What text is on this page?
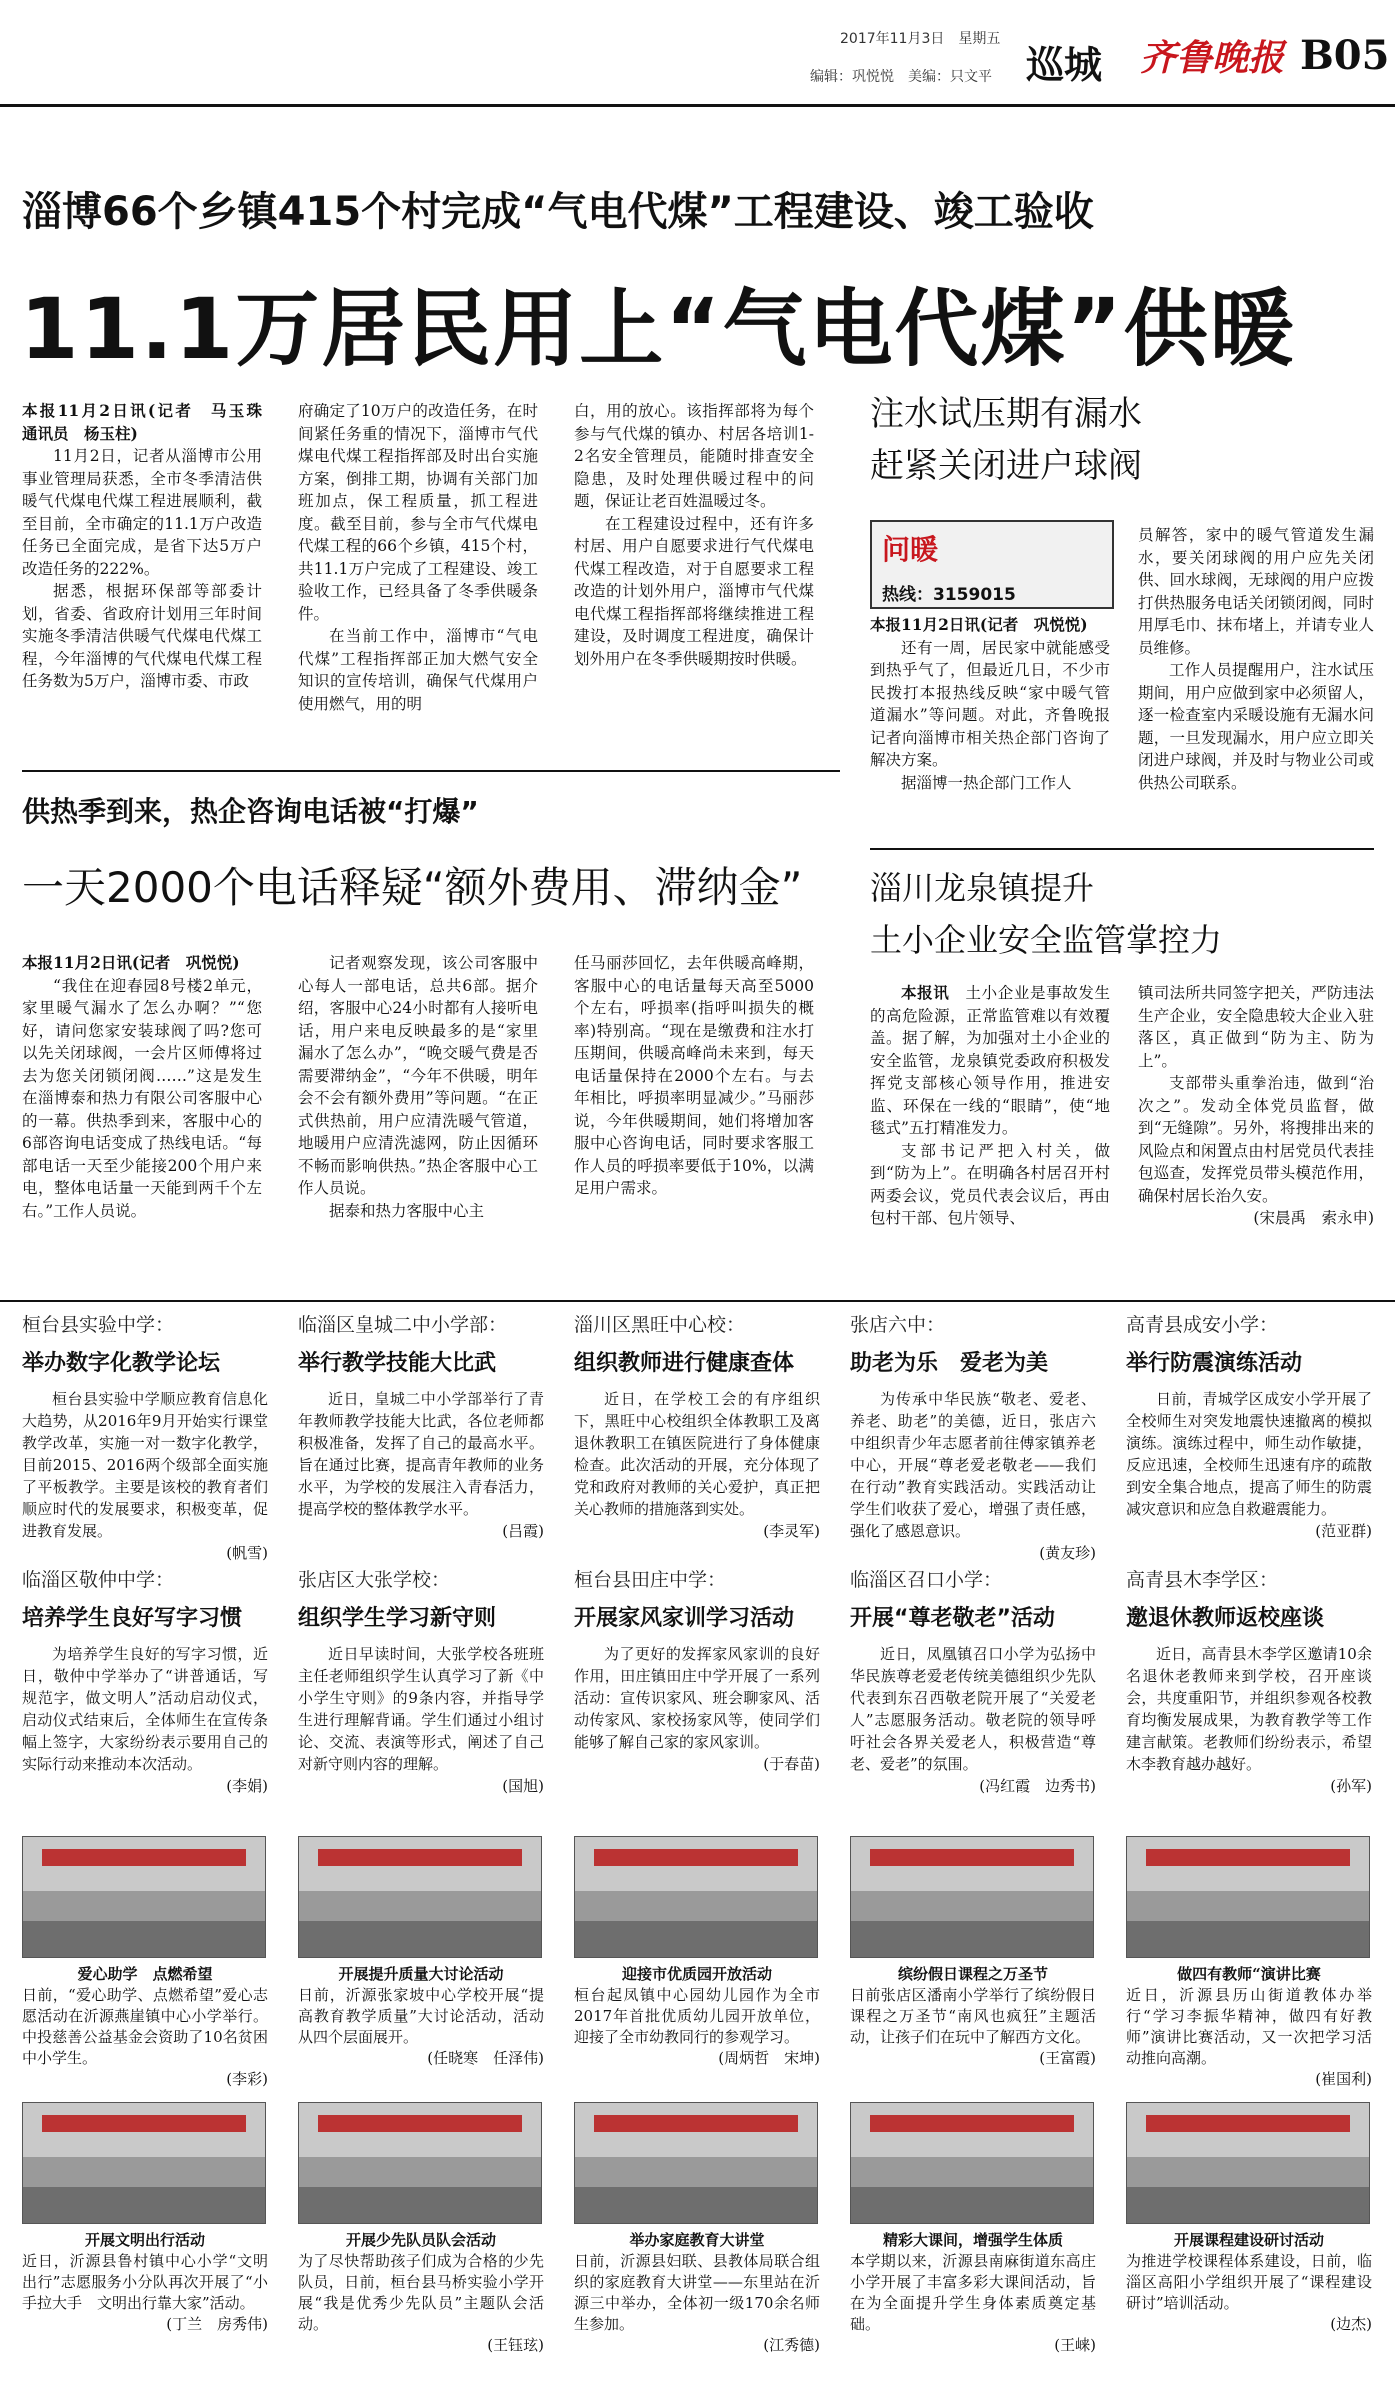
2017年11月3日　星期五
编辑：巩悦悦　美编：只文平 巡城 齐鲁晚报 B05
淄博66个乡镇415个村完成“气电代煤”工程建设、竣工验收
11.1万居民用上“气电代煤”供暖

本报11月2日讯(记者　马玉珠　通讯员　杨玉柱)

11月2日，记者从淄博市公用事业管理局获悉，全市冬季清洁供暖气代煤电代煤工程进展顺利，截至目前，全市确定的11.1万户改造任务已全面完成，是省下达5万户改造任务的222%。

据悉，根据环保部等部委计划，省委、省政府计划用三年时间实施冬季清洁供暖气代煤电代煤工程，今年淄博的气代煤电代煤工程任务数为5万户，淄博市委、市政

府确定了10万户的改造任务，在时间紧任务重的情况下，淄博市气代煤电代煤工程指挥部及时出台实施方案，倒排工期，协调有关部门加班加点，保工程质量，抓工程进度。截至目前，参与全市气代煤电代煤工程的66个乡镇，415个村，共11.1万户完成了工程建设、竣工验收工作，已经具备了冬季供暖条件。

在当前工作中，淄博市“气电代煤”工程指挥部正加大燃气安全知识的宣传培训，确保气代煤用户使用燃气，用的明

白，用的放心。该指挥部将为每个参与气代煤的镇办、村居各培训1-2名安全管理员，能随时排查安全隐患，及时处理供暖过程中的问题，保证让老百姓温暖过冬。

在工程建设过程中，还有许多村居、用户自愿要求进行气代煤电代煤工程改造，对于自愿要求工程改造的计划外用户，淄博市气代煤电代煤工程指挥部将继续推进工程建设，及时调度工程进度，确保计划外用户在冬季供暖期按时供暖。

注水试压期有漏水
赶紧关闭进户球阀
问暖
热线：3159015

本报11月2日讯(记者　巩悦悦)

还有一周，居民家中就能感受到热乎气了，但最近几日，不少市民拨打本报热线反映“家中暖气管道漏水”等问题。对此，齐鲁晚报记者向淄博市相关热企部门咨询了解决方案。

据淄博一热企部门工作人

员解答，家中的暖气管道发生漏水，要关闭球阀的用户应先关闭供、回水球阀，无球阀的用户应拨打供热服务电话关闭锁闭阀，同时用厚毛巾、抹布堵上，并请专业人员维修。

工作人员提醒用户，注水试压期间，用户应做到家中必须留人，逐一检查室内采暖设施有无漏水问题，一旦发现漏水，用户应立即关闭进户球阀，并及时与物业公司或供热公司联系。

供热季到来，热企咨询电话被“打爆”
一天2000个电话释疑“额外费用、滞纳金”

本报11月2日讯(记者　巩悦悦)

“我住在迎春园8号楼2单元，家里暖气漏水了怎么办啊？”“您好，请问您家安装球阀了吗?您可以先关闭球阀，一会片区师傅将过去为您关闭锁闭阀……”这是发生在淄博泰和热力有限公司客服中心的一幕。供热季到来，客服中心的6部咨询电话变成了热线电话。“每部电话一天至少能接200个用户来电，整体电话量一天能到两千个左右。”工作人员说。

记者观察发现，该公司客服中心每人一部电话，总共6部。据介绍，客服中心24小时都有人接听电话，用户来电反映最多的是“家里漏水了怎么办”，“晚交暖气费是否需要滞纳金”，“今年不供暖，明年会不会有额外费用”等问题。“在正式供热前，用户应清洗暖气管道，地暖用户应清洗滤网，防止因循环不畅而影响供热。”热企客服中心工作人员说。

据泰和热力客服中心主

任马丽莎回忆，去年供暖高峰期，客服中心的电话量每天高至5000个左右，呼损率(指呼叫损失的概率)特别高。“现在是缴费和注水打压期间，供暖高峰尚未来到，每天电话量保持在2000个左右。与去年相比，呼损率明显减少。”马丽莎说，今年供暖期间，她们将增加客服中心咨询电话，同时要求客服工作人员的呼损率要低于10%，以满足用户需求。

淄川龙泉镇提升
土小企业安全监管掌控力

本报讯　 土小企业是事故发生的高危险源，正常监管难以有效覆盖。据了解，为加强对土小企业的安全监管，龙泉镇党委政府积极发挥党支部核心领导作用，推进安监、环保在一线的“眼睛”，使“地毯式”五打精准发力。

支部书记严把入村关，做到“防为上”。在明确各村居召开村两委会议，党员代表会议后，再由包村干部、包片领导、

镇司法所共同签字把关，严防违法生产企业，安全隐患较大企业入驻落区，真正做到“防为主、防为上”。

支部带头重拳治违，做到“治次之”。发动全体党员监督，做到“无缝隙”。另外，将搜排出来的风险点和闲置点由村居党员代表挂包巡查，发挥党员带头模范作用，确保村居长治久安。

(宋晨禹　索永申)

桓台县实验中学：
举办数字化教学论坛

桓台县实验中学顺应教育信息化大趋势，从2016年9月开始实行课堂教学改革，实施一对一数字化教学，目前2015、2016两个级部全面实施了平板教学。主要是该校的教育者们顺应时代的发展要求，积极变革，促进教育发展。

(帆雪)

临淄区皇城二中小学部：
举行教学技能大比武

近日，皇城二中小学部举行了青年教师教学技能大比武，各位老师都积极准备，发挥了自己的最高水平。旨在通过比赛，提高青年教师的业务水平，为学校的发展注入青春活力，提高学校的整体教学水平。

(吕霞)

淄川区黑旺中心校：
组织教师进行健康查体

近日，在学校工会的有序组织下，黑旺中心校组织全体教职工及离退休教职工在镇医院进行了身体健康检查。此次活动的开展，充分体现了党和政府对教师的关心爱护，真正把关心教师的措施落到实处。

(李灵军)

张店六中：
助老为乐　爱老为美

为传承中华民族“敬老、爱老、养老、助老”的美德，近日，张店六中组织青少年志愿者前往傅家镇养老中心，开展“尊老爱老敬老——我们在行动”教育实践活动。实践活动让学生们收获了爱心，增强了责任感，强化了感恩意识。

(黄友珍)

高青县成安小学：
举行防震演练活动

日前，青城学区成安小学开展了全校师生对突发地震快速撤离的模拟演练。演练过程中，师生动作敏捷，反应迅速，全校师生迅速有序的疏散到安全集合地点，提高了师生的防震减灾意识和应急自救避震能力。

(范亚群)

临淄区敬仲中学：
培养学生良好写字习惯

为培养学生良好的写字习惯，近日，敬仲中学举办了“讲普通话，写规范字，做文明人”活动启动仪式，启动仪式结束后，全体师生在宣传条幅上签字，大家纷纷表示要用自己的实际行动来推动本次活动。

(李娟)

张店区大张学校：
组织学生学习新守则

近日早读时间，大张学校各班班主任老师组织学生认真学习了新《中小学生守则》的9条内容，并指导学生进行理解背诵。学生们通过小组讨论、交流、表演等形式，阐述了自己对新守则内容的理解。

(国旭)

桓台县田庄中学：
开展家风家训学习活动

为了更好的发挥家风家训的良好作用，田庄镇田庄中学开展了一系列活动：宣传识家风、班会聊家风、活动传家风、家校扬家风等，使同学们能够了解自己家的家风家训。

(于春苗)

临淄区召口小学：
开展“尊老敬老”活动

近日，凤凰镇召口小学为弘扬中华民族尊老爱老传统美德组织少先队代表到东召西敬老院开展了“关爱老人”志愿服务活动。敬老院的领导呼吁社会各界关爱老人，积极营造“尊老、爱老”的氛围。

(冯红霞　边秀书)

高青县木李学区：
邀退休教师返校座谈

近日，高青县木李学区邀请10余名退休老教师来到学校，召开座谈会，共度重阳节，并组织参观各校教育均衡发展成果，为教育教学等工作建言献策。老教师们纷纷表示，希望木李教育越办越好。

(孙军)

爱心助学　点燃希望

日前，“爱心助学、点燃希望”爱心志愿活动在沂源燕崖镇中心小学举行。中投慈善公益基金会资助了10名贫困中小学生。

(李彩)

开展提升质量大讨论活动

日前，沂源张家坡中心学校开展“提高教育教学质量”大讨论活动，活动从四个层面展开。

(任晓寒　任泽伟)

迎接市优质园开放活动

桓台起凤镇中心园幼儿园作为全市2017年首批优质幼儿园开放单位，迎接了全市幼教同行的参观学习。

(周炳哲　宋坤)

缤纷假日课程之万圣节

日前张店区潘南小学举行了缤纷假日课程之万圣节“南风也疯狂”主题活动，让孩子们在玩中了解西方文化。

(王富霞)

做四有教师“演讲比赛

近日，沂源县历山街道教体办举行“学习李振华精神，做四有好教师”演讲比赛活动，又一次把学习活动推向高潮。

(崔国利)

开展文明出行活动

近日，沂源县鲁村镇中心小学“文明出行”志愿服务小分队再次开展了“小手拉大手　文明出行靠大家”活动。

(丁兰　房秀伟)

开展少先队员队会活动

为了尽快帮助孩子们成为合格的少先队员，日前，桓台县马桥实验小学开展“我是优秀少先队员”主题队会活动。

(王钰玹)

举办家庭教育大讲堂

日前，沂源县妇联、县教体局联合组织的家庭教育大讲堂——东里站在沂源三中举办，全体初一级170余名师生参加。

(江秀德)

精彩大课间，增强学生体质

本学期以来，沂源县南麻街道东高庄小学开展了丰富多彩大课间活动，旨在为全面提升学生身体素质奠定基础。

(王崃)

开展课程建设研讨活动

为推进学校课程体系建设，日前，临淄区高阳小学组织开展了“课程建设研讨”培训活动。

(边杰)
